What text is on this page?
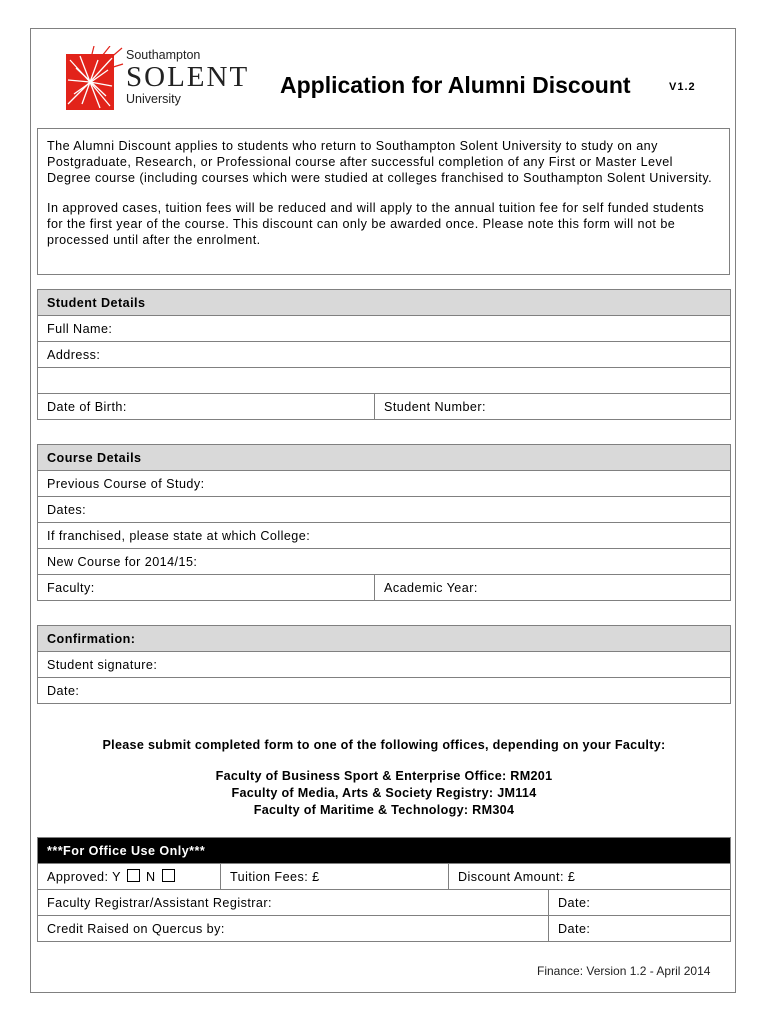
Southampton
SOLENT
University
Application for Alumni Discount	V1.2

The Alumni Discount applies to students who return to Southampton Solent University to study on any Postgraduate, Research, or Professional course after successful completion of any First or Master Level Degree course (including courses which were studied at colleges franchised to Southampton Solent University.

In approved cases, tuition fees will be reduced and will apply to the annual tuition fee for self funded students for the first year of the course. This discount can only be awarded once. Please note this form will not be processed until after the enrolment.

Student Details
Full Name:
Address:

Date of Birth:	Student Number:
Course Details
Previous Course of Study:
Dates:
If franchised, please state at which College:
New Course for 2014/15:
Faculty:	Academic Year:
Confirmation:
Student signature:
Date:
Please submit completed form to one of the following offices, depending on your Faculty:
Faculty of Business Sport & Enterprise Office: RM201
Faculty of Media, Arts & Society Registry: JM114
Faculty of Maritime & Technology: RM304
***For Office Use Only***			
Approved: Y N	Tuition Fees: £	Discount Amount: £	
Faculty Registrar/Assistant Registrar:			Date:
Credit Raised on Quercus by:			Date:
Finance: Version 1.2 - April 2014
